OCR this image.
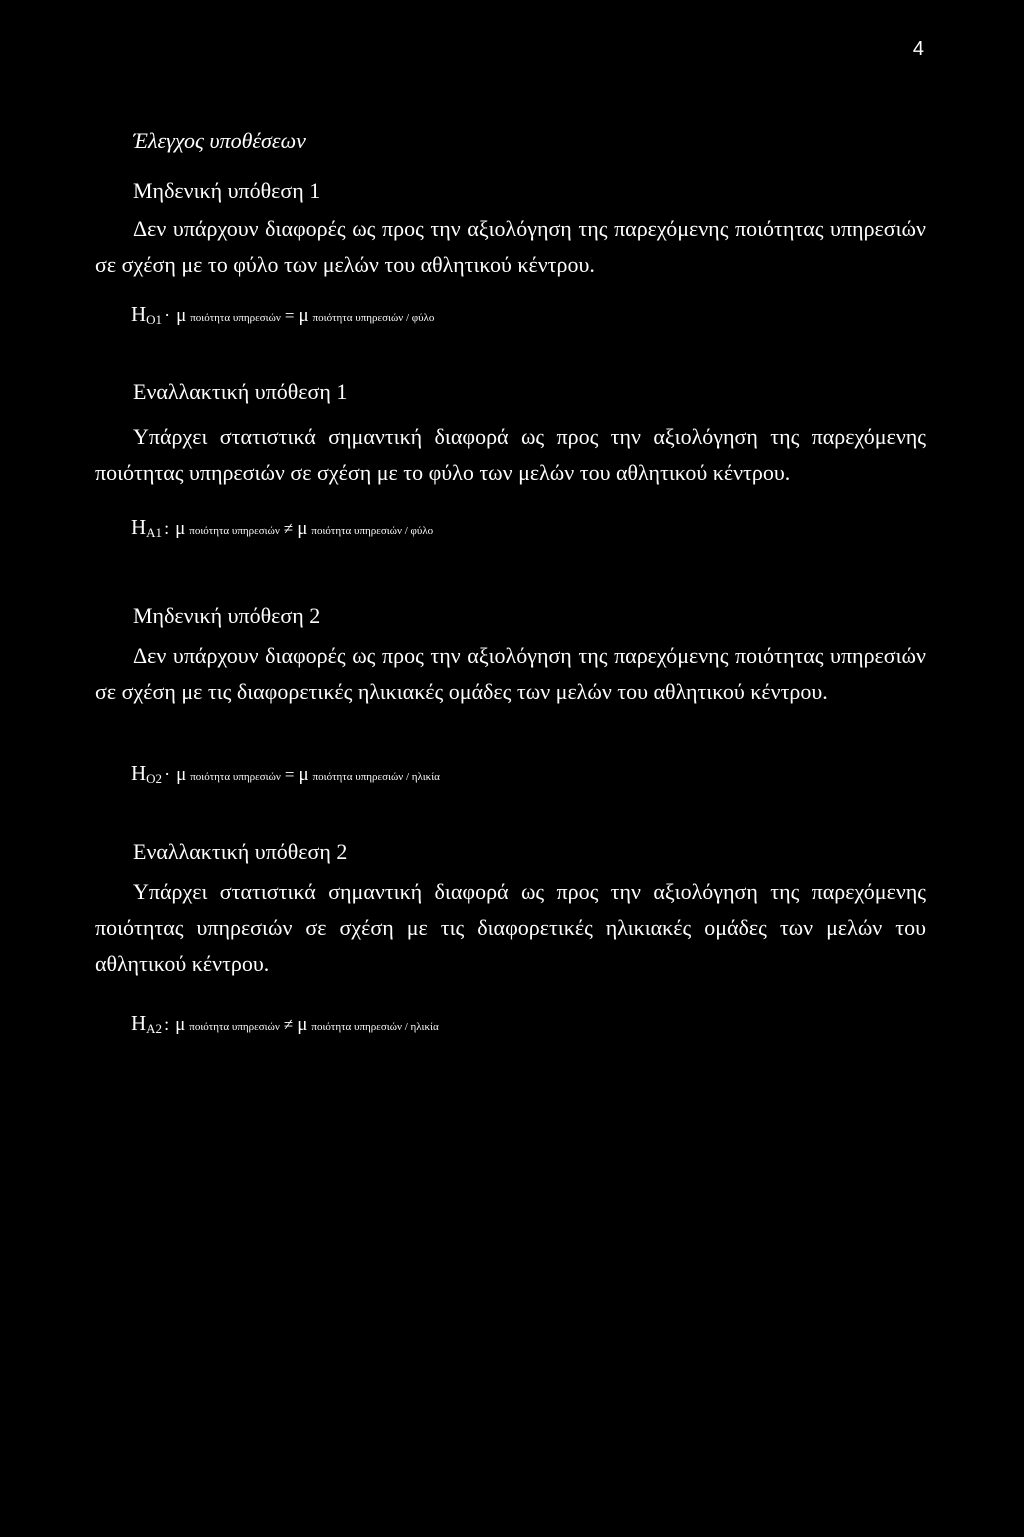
4
Έλεγχος υποθέσεων
Μηδενική υπόθεση 1

Δεν υπάρχουν διαφορές ως προς την αξιολόγηση της παρεχόμενης ποιότητας υπηρεσιών σε σχέση με το φύλο των μελών του αθλητικού κέντρου.

H O1 · μ ποιότητα υπηρεσιών = μ ποιότητα υπηρεσιών / φύλο
Εναλλακτική υπόθεση 1

Υπάρχει στατιστικά σημαντική διαφορά ως προς την αξιολόγηση της παρεχόμενης ποιότητας υπηρεσιών σε σχέση με το φύλο των μελών του αθλητικού κέντρου.

H A1 : μ ποιότητα υπηρεσιών ≠ μ ποιότητα υπηρεσιών / φύλο
Μηδενική υπόθεση 2

Δεν υπάρχουν διαφορές ως προς την αξιολόγηση της παρεχόμενης ποιότητας υπηρεσιών σε σχέση με τις διαφορετικές ηλικιακές ομάδες των μελών του αθλητικού κέντρου.

H O2 · μ ποιότητα υπηρεσιών = μ ποιότητα υπηρεσιών / ηλικία
Εναλλακτική υπόθεση 2

Υπάρχει στατιστικά σημαντική διαφορά ως προς την αξιολόγηση της παρεχόμενης ποιότητας υπηρεσιών σε σχέση με τις διαφορετικές ηλικιακές ομάδες των μελών του αθλητικού κέντρου.

H A2 : μ ποιότητα υπηρεσιών ≠ μ ποιότητα υπηρεσιών / ηλικία
